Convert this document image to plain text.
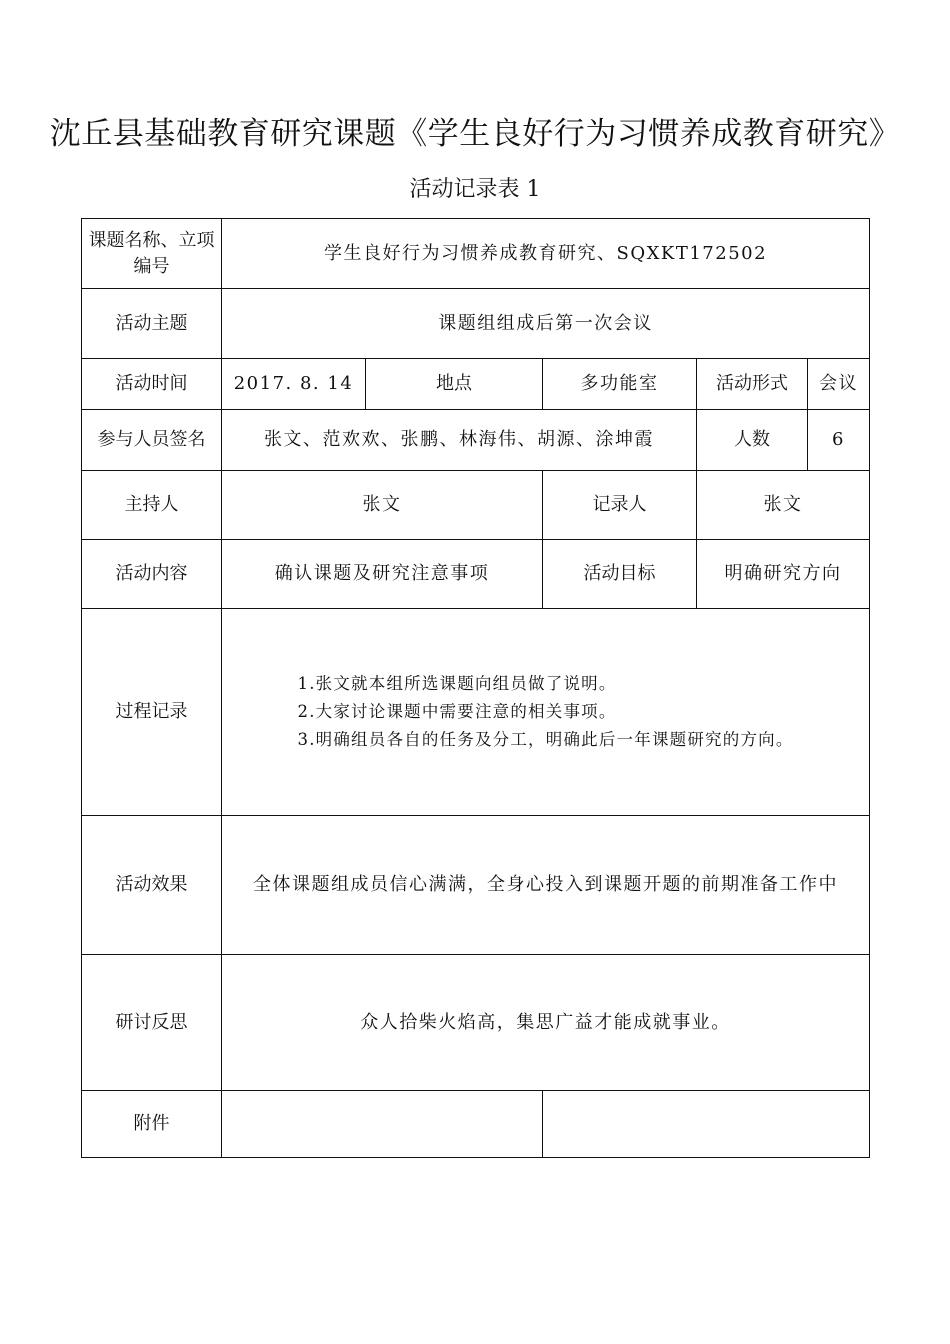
沈丘县基础教育研究课题《学生良好行为习惯养成教育研究》
活动记录表 1
课题名称、立项编号	学生良好行为习惯养成教育研究、SQXKT172502				
活动主题	课题组组成后第一次会议				
活动时间	2017. 8. 14	地点	多功能室	活动形式	会议
参与人员签名	张文、范欢欢、张鹏、林海伟、胡源、涂坤霞			人数	6
主持人	张文		记录人	张文	
活动内容	确认课题及研究注意事项		活动目标	明确研究方向	
过程记录	1.张文就本组所选课题向组员做了说明。
2.大家讨论课题中需要注意的相关事项。
3.明确组员各自的任务及分工，明确此后一年课题研究的方向。				

活动效果	全体课题组成员信心满满，全身心投入到课题开题的前期准备工作中				
研讨反思	众人拾柴火焰高，集思广益才能成就事业。				
附件					
